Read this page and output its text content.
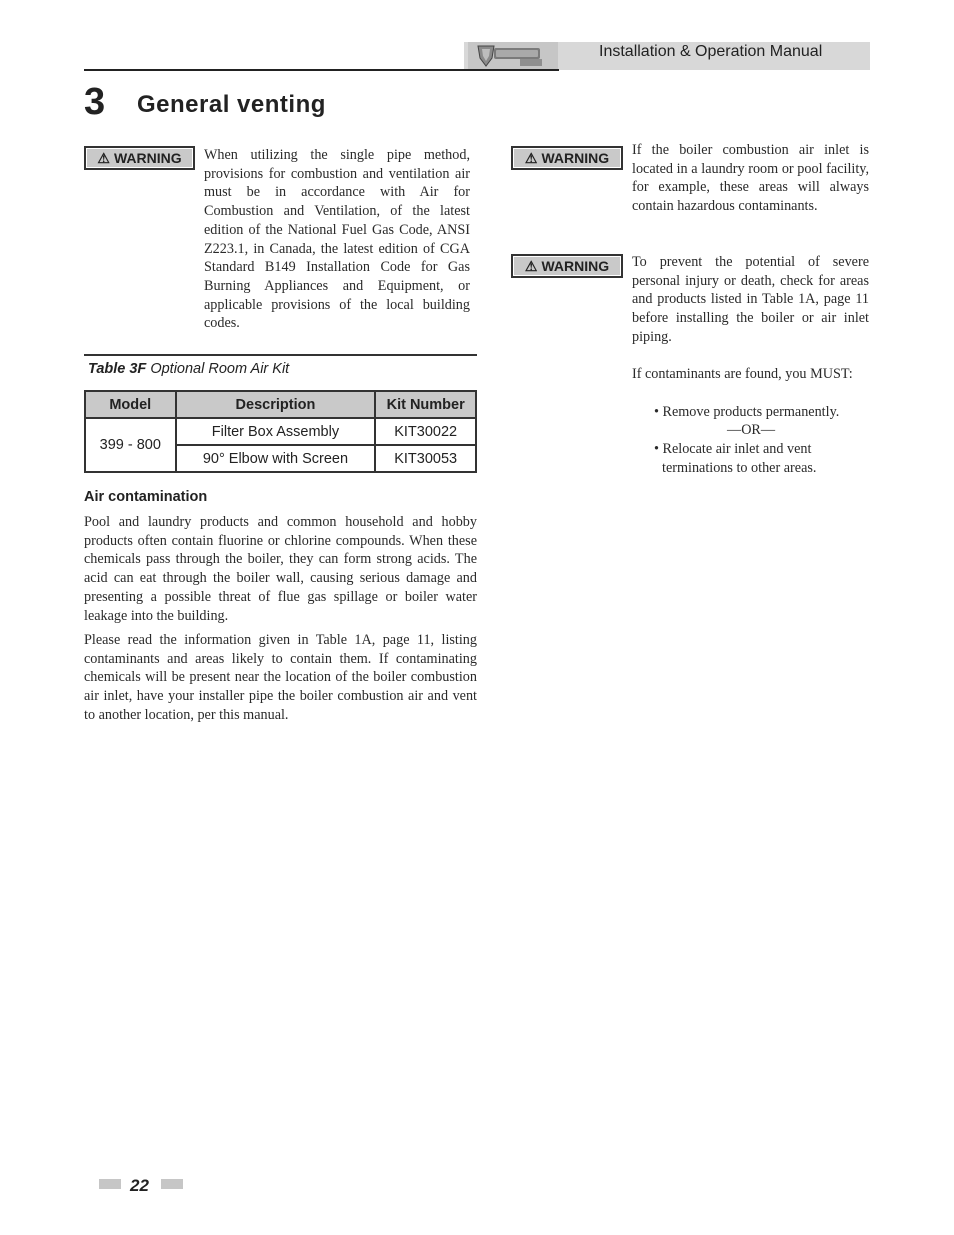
Installation & Operation Manual
3 General venting
⚠ WARNING When utilizing the single pipe method, provisions for combustion and ventilation air must be in accordance with Air for Combustion and Ventilation, of the latest edition of the National Fuel Gas Code, ANSI Z223.1, in Canada, the latest edition of CGA Standard B149 Installation Code for Gas Burning Appliances and Equipment, or applicable provisions of the local building codes.
Table 3F Optional Room Air Kit
Model	Description	Kit Number
399 - 800	Filter Box Assembly	KIT30022
	90° Elbow with Screen	KIT30053
Air contamination
Pool and laundry products and common household and hobby products often contain fluorine or chlorine compounds. When these chemicals pass through the boiler, they can form strong acids. The acid can eat through the boiler wall, causing serious damage and presenting a possible threat of flue gas spillage or boiler water leakage into the building.
Please read the information given in Table 1A, page 11, listing contaminants and areas likely to contain them. If contaminating chemicals will be present near the location of the boiler combustion air inlet, have your installer pipe the boiler combustion air and vent to another location, per this manual.
⚠ WARNING If the boiler combustion air inlet is located in a laundry room or pool facility, for example, these areas will always contain hazardous contaminants.
⚠ WARNING To prevent the potential of severe personal injury or death, check for areas and products listed in Table 1A, page 11 before installing the boiler or air inlet piping.
If contaminants are found, you MUST:
• Remove products permanently.
—OR—
• Relocate air inlet and vent
terminations to other areas.
22
